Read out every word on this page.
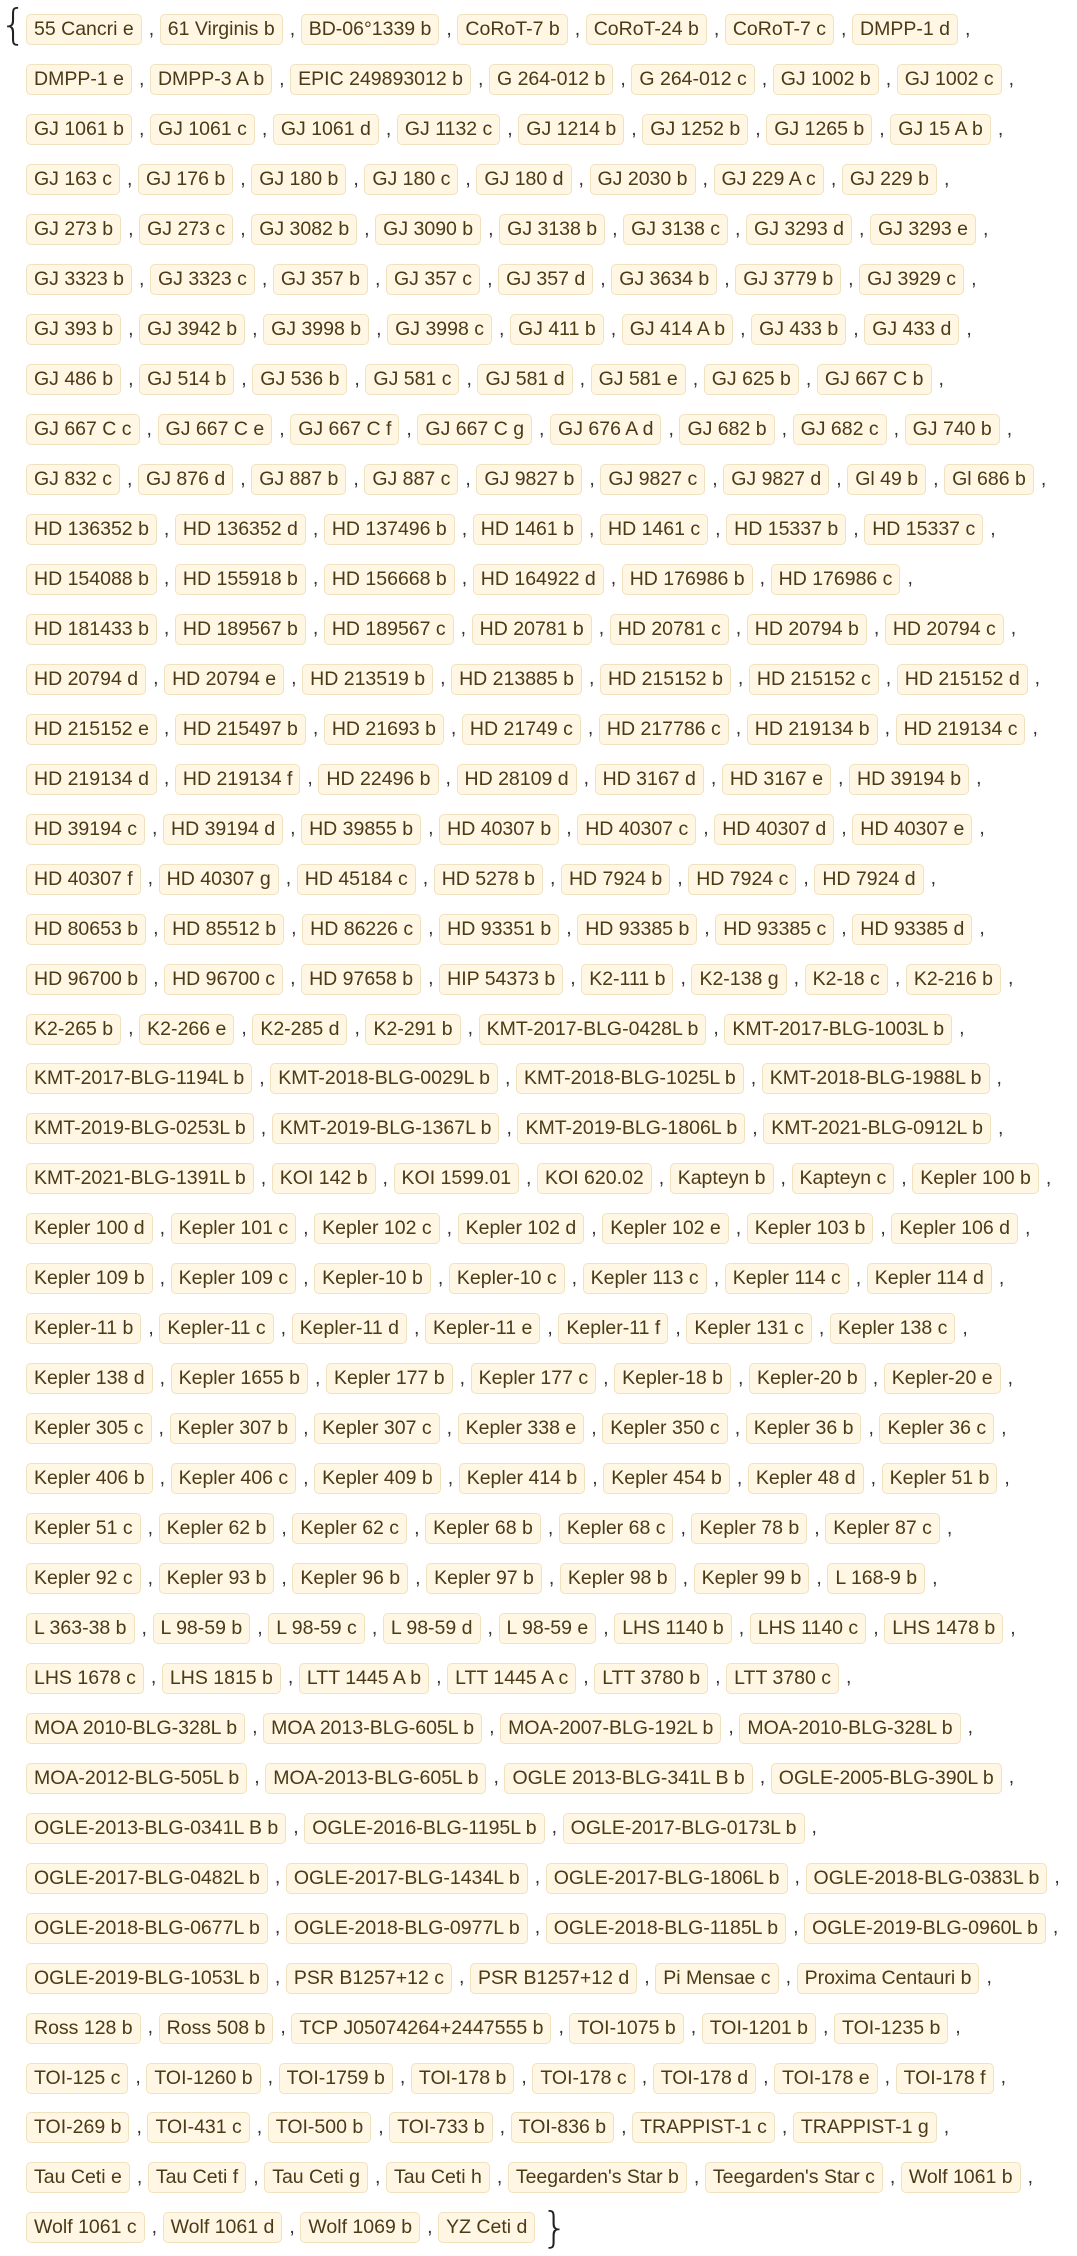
{ 55 Cancri e , 61 Virginis b , BD-06°1339 b , CoRoT-7 b , CoRoT-24 b , CoRoT-7 c , DMPP-1 d ,DMPP-1 e , DMPP-3 A b , EPIC 249893012 b , G 264-012 b , G 264-012 c , GJ 1002 b , GJ 1002 c ,GJ 1061 b , GJ 1061 c , GJ 1061 d , GJ 1132 c , GJ 1214 b , GJ 1252 b , GJ 1265 b , GJ 15 A b ,GJ 163 c , GJ 176 b , GJ 180 b , GJ 180 c , GJ 180 d , GJ 2030 b , GJ 229 A c , GJ 229 b ,GJ 273 b , GJ 273 c , GJ 3082 b , GJ 3090 b , GJ 3138 b , GJ 3138 c , GJ 3293 d , GJ 3293 e ,GJ 3323 b , GJ 3323 c , GJ 357 b , GJ 357 c , GJ 357 d , GJ 3634 b , GJ 3779 b , GJ 3929 c ,GJ 393 b , GJ 3942 b , GJ 3998 b , GJ 3998 c , GJ 411 b , GJ 414 A b , GJ 433 b , GJ 433 d ,GJ 486 b , GJ 514 b , GJ 536 b , GJ 581 c , GJ 581 d , GJ 581 e , GJ 625 b , GJ 667 C b ,GJ 667 C c , GJ 667 C e , GJ 667 C f , GJ 667 C g , GJ 676 A d , GJ 682 b , GJ 682 c , GJ 740 b ,GJ 832 c , GJ 876 d , GJ 887 b , GJ 887 c , GJ 9827 b , GJ 9827 c , GJ 9827 d , Gl 49 b , Gl 686 b ,HD 136352 b , HD 136352 d , HD 137496 b , HD 1461 b , HD 1461 c , HD 15337 b , HD 15337 c ,HD 154088 b , HD 155918 b , HD 156668 b , HD 164922 d , HD 176986 b , HD 176986 c ,HD 181433 b , HD 189567 b , HD 189567 c , HD 20781 b , HD 20781 c , HD 20794 b , HD 20794 c ,HD 20794 d , HD 20794 e , HD 213519 b , HD 213885 b , HD 215152 b , HD 215152 c , HD 215152 d ,HD 215152 e , HD 215497 b , HD 21693 b , HD 21749 c , HD 217786 c , HD 219134 b , HD 219134 c ,HD 219134 d , HD 219134 f , HD 22496 b , HD 28109 d , HD 3167 d , HD 3167 e , HD 39194 b ,HD 39194 c , HD 39194 d , HD 39855 b , HD 40307 b , HD 40307 c , HD 40307 d , HD 40307 e ,HD 40307 f , HD 40307 g , HD 45184 c , HD 5278 b , HD 7924 b , HD 7924 c , HD 7924 d ,HD 80653 b , HD 85512 b , HD 86226 c , HD 93351 b , HD 93385 b , HD 93385 c , HD 93385 d ,HD 96700 b , HD 96700 c , HD 97658 b , HIP 54373 b , K2-111 b , K2-138 g , K2-18 c , K2-216 b ,K2-265 b , K2-266 e , K2-285 d , K2-291 b , KMT-2017-BLG-0428L b , KMT-2017-BLG-1003L b ,KMT-2017-BLG-1194L b , KMT-2018-BLG-0029L b , KMT-2018-BLG-1025L b , KMT-2018-BLG-1988L b ,KMT-2019-BLG-0253L b , KMT-2019-BLG-1367L b , KMT-2019-BLG-1806L b , KMT-2021-BLG-0912L b ,KMT-2021-BLG-1391L b , KOI 142 b , KOI 1599.01 , KOI 620.02 , Kapteyn b , Kapteyn c , Kepler 100 b ,Kepler 100 d , Kepler 101 c , Kepler 102 c , Kepler 102 d , Kepler 102 e , Kepler 103 b , Kepler 106 d ,Kepler 109 b , Kepler 109 c , Kepler-10 b , Kepler-10 c , Kepler 113 c , Kepler 114 c , Kepler 114 d ,Kepler-11 b , Kepler-11 c , Kepler-11 d , Kepler-11 e , Kepler-11 f , Kepler 131 c , Kepler 138 c ,Kepler 138 d , Kepler 1655 b , Kepler 177 b , Kepler 177 c , Kepler-18 b , Kepler-20 b , Kepler-20 e ,Kepler 305 c , Kepler 307 b , Kepler 307 c , Kepler 338 e , Kepler 350 c , Kepler 36 b , Kepler 36 c ,Kepler 406 b , Kepler 406 c , Kepler 409 b , Kepler 414 b , Kepler 454 b , Kepler 48 d , Kepler 51 b ,Kepler 51 c , Kepler 62 b , Kepler 62 c , Kepler 68 b , Kepler 68 c , Kepler 78 b , Kepler 87 c ,Kepler 92 c , Kepler 93 b , Kepler 96 b , Kepler 97 b , Kepler 98 b , Kepler 99 b , L 168-9 b ,L 363-38 b , L 98-59 b , L 98-59 c , L 98-59 d , L 98-59 e , LHS 1140 b , LHS 1140 c , LHS 1478 b ,LHS 1678 c , LHS 1815 b , LTT 1445 A b , LTT 1445 A c , LTT 3780 b , LTT 3780 c ,MOA 2010-BLG-328L b , MOA 2013-BLG-605L b , MOA-2007-BLG-192L b , MOA-2010-BLG-328L b ,MOA-2012-BLG-505L b , MOA-2013-BLG-605L b , OGLE 2013-BLG-341L B b , OGLE-2005-BLG-390L b ,OGLE-2013-BLG-0341L B b , OGLE-2016-BLG-1195L b , OGLE-2017-BLG-0173L b ,OGLE-2017-BLG-0482L b , OGLE-2017-BLG-1434L b , OGLE-2017-BLG-1806L b , OGLE-2018-BLG-0383L b ,OGLE-2018-BLG-0677L b , OGLE-2018-BLG-0977L b , OGLE-2018-BLG-1185L b , OGLE-2019-BLG-0960L b ,OGLE-2019-BLG-1053L b , PSR B1257+12 c , PSR B1257+12 d , Pi Mensae c , Proxima Centauri b ,Ross 128 b , Ross 508 b , TCP J05074264+2447555 b , TOI-1075 b , TOI-1201 b , TOI-1235 b ,TOI-125 c , TOI-1260 b , TOI-1759 b , TOI-178 b , TOI-178 c , TOI-178 d , TOI-178 e , TOI-178 f ,TOI-269 b , TOI-431 c , TOI-500 b , TOI-733 b , TOI-836 b , TRAPPIST-1 c , TRAPPIST-1 g ,Tau Ceti e , Tau Ceti f , Tau Ceti g , Tau Ceti h , Teegarden's Star b , Teegarden's Star c , Wolf 1061 b ,Wolf 1061 c , Wolf 1061 d , Wolf 1069 b , YZ Ceti d }
